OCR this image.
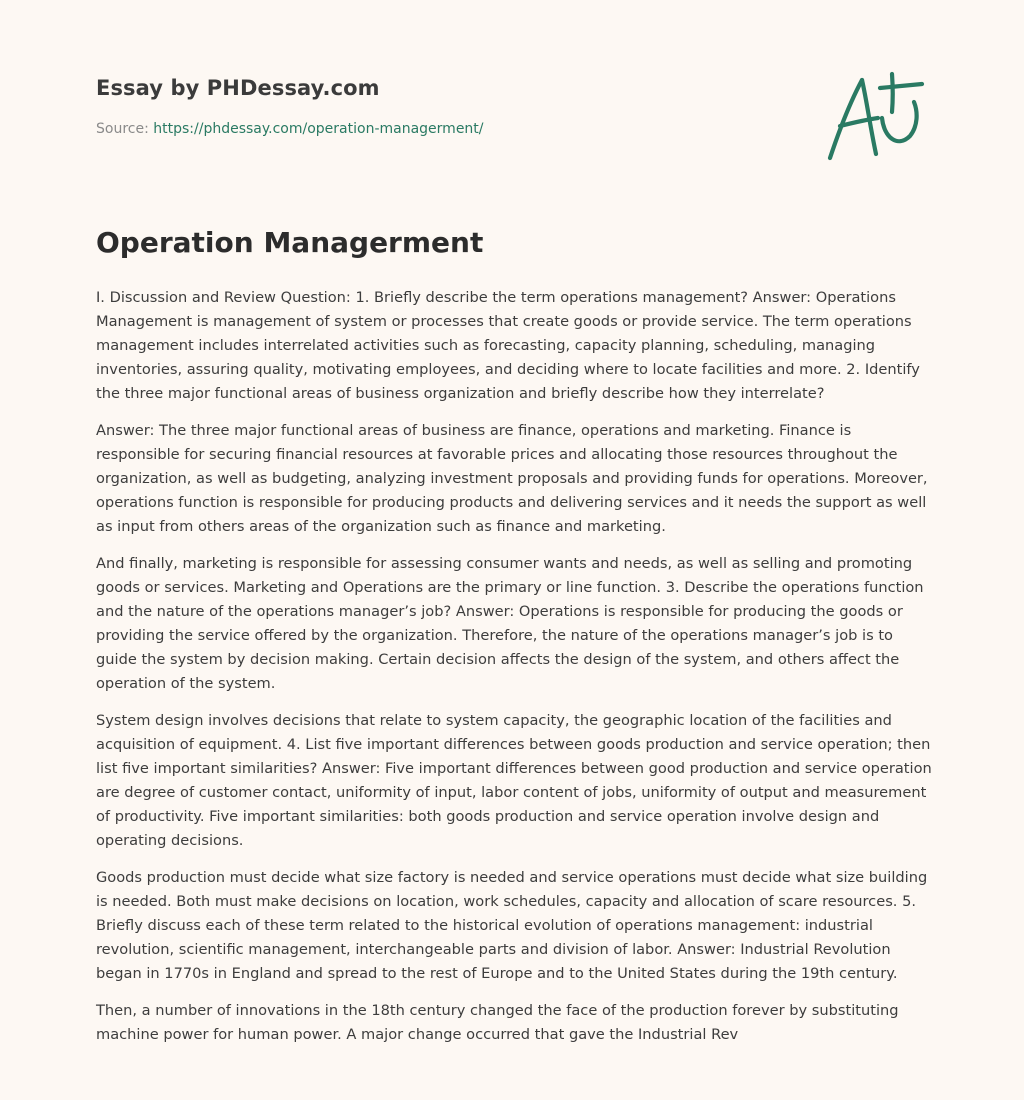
Essay by PHDessay.com
Source: https://phdessay.com/operation-managerment/
Operation Managerment

I. Discussion and Review Question: 1. Briefly describe the term operations management? Answer: Operations Management is management of system or processes that create goods or provide service. The term operations management includes interrelated activities such as forecasting, capacity planning, scheduling, managing inventories, assuring quality, motivating employees, and deciding where to locate facilities and more. 2. Identify the three major functional areas of business organization and briefly describe how they interrelate?

Answer: The three major functional areas of business are finance, operations and marketing. Finance is responsible for securing financial resources at favorable prices and allocating those resources throughout the organization, as well as budgeting, analyzing investment proposals and providing funds for operations. Moreover, operations function is responsible for producing products and delivering services and it needs the support as well as input from others areas of the organization such as finance and marketing.

And finally, marketing is responsible for assessing consumer wants and needs, as well as selling and promoting goods or services. Marketing and Operations are the primary or line function. 3. Describe the operations function and the nature of the operations manager’s job? Answer: Operations is responsible for producing the goods or providing the service offered by the organization. Therefore, the nature of the operations manager’s job is to guide the system by decision making. Certain decision affects the design of the system, and others affect the operation of the system.

System design involves decisions that relate to system capacity, the geographic location of the facilities and acquisition of equipment. 4. List five important differences between goods production and service operation; then list five important similarities? Answer: Five important differences between good production and service operation are degree of customer contact, uniformity of input, labor content of jobs, uniformity of output and measurement of productivity. Five important similarities: both goods production and service operation involve design and operating decisions.

Goods production must decide what size factory is needed and service operations must decide what size building is needed. Both must make decisions on location, work schedules, capacity and allocation of scare resources. 5. Briefly discuss each of these term related to the historical evolution of operations management: industrial revolution, scientific management, interchangeable parts and division of labor. Answer: Industrial Revolution began in 1770s in England and spread to the rest of Europe and to the United States during the 19th century.

Then, a number of innovations in the 18th century changed the face of the production forever by substituting machine power for human power. A major change occurred that gave the Industrial Rev
